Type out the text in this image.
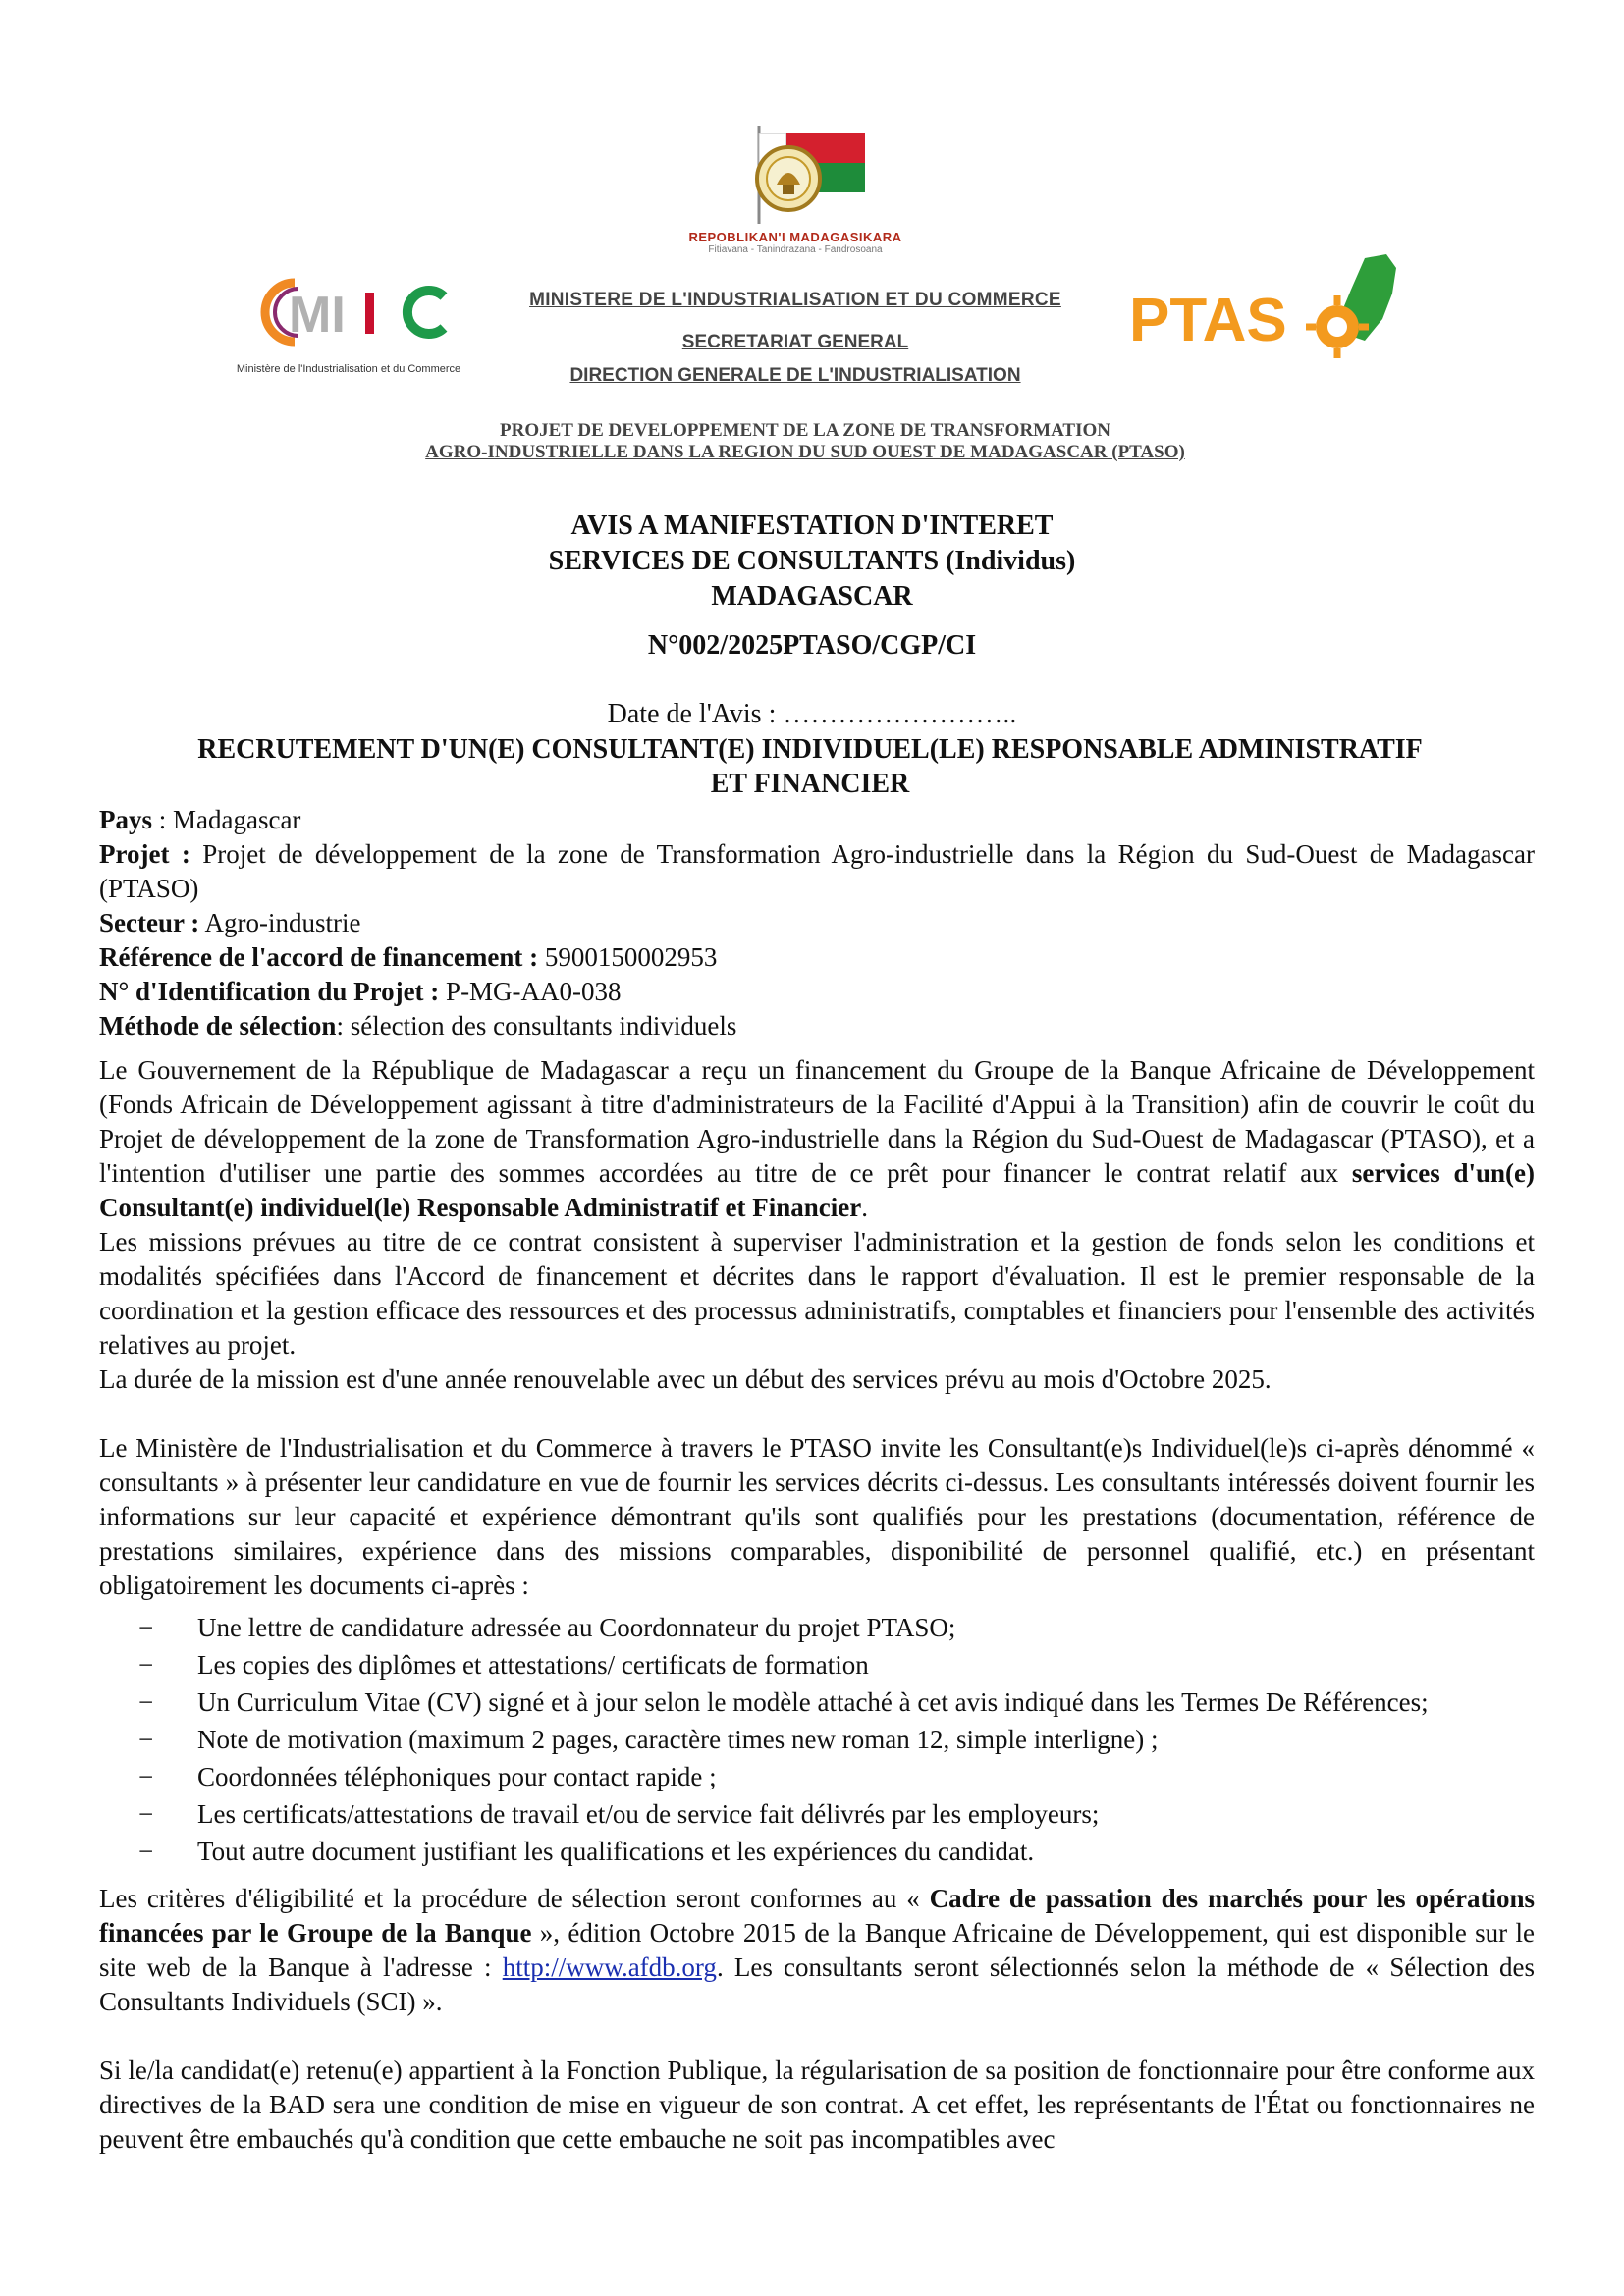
REPOBLIKAN'I MADAGASIKARA
Fitiavana - Tanindrazana - Fandrosoana
MI
Ministère de l'Industrialisation et du Commerce
PTAS
MINISTERE DE L'INDUSTRIALISATION ET DU COMMERCE
SECRETARIAT GENERAL
DIRECTION GENERALE DE L'INDUSTRIALISATION
PROJET DE DEVELOPPEMENT DE LA ZONE DE TRANSFORMATION
AGRO-INDUSTRIELLE DANS LA REGION DU SUD OUEST DE MADAGASCAR (PTASO)
AVIS A MANIFESTATION D'INTERET
SERVICES DE CONSULTANTS (Individus)
MADAGASCAR
N°002/2025PTASO/CGP/CI
Date de l'Avis : ……………………..
RECRUTEMENT D'UN(E) CONSULTANT(E) INDIVIDUEL(LE) RESPONSABLE ADMINISTRATIF
ET FINANCIER

Pays : Madagascar

Projet : Projet de développement de la zone de Transformation Agro-industrielle dans la Région du Sud-Ouest de Madagascar (PTASO)

Secteur : Agro-industrie

Référence de l'accord de financement : 5900150002953

N° d'Identification du Projet : P-MG-AA0-038

Méthode de sélection: sélection des consultants individuels

Le Gouvernement de la République de Madagascar a reçu un financement du Groupe de la Banque Africaine de Développement (Fonds Africain de Développement agissant à titre d'administrateurs de la Facilité d'Appui à la Transition) afin de couvrir le coût du Projet de développement de la zone de Transformation Agro-industrielle dans la Région du Sud-Ouest de Madagascar (PTASO), et a l'intention d'utiliser une partie des sommes accordées au titre de ce prêt pour financer le contrat relatif aux services d'un(e) Consultant(e) individuel(le) Responsable Administratif et Financier.

Les missions prévues au titre de ce contrat consistent à superviser l'administration et la gestion de fonds selon les conditions et modalités spécifiées dans l'Accord de financement et décrites dans le rapport d'évaluation. Il est le premier responsable de la coordination et la gestion efficace des ressources et des processus administratifs, comptables et financiers pour l'ensemble des activités relatives au projet.

La durée de la mission est d'une année renouvelable avec un début des services prévu au mois d'Octobre 2025.

Le Ministère de l'Industrialisation et du Commerce à travers le PTASO invite les Consultant(e)s Individuel(le)s ci-après dénommé « consultants » à présenter leur candidature en vue de fournir les services décrits ci-dessus. Les consultants intéressés doivent fournir les informations sur leur capacité et expérience démontrant qu'ils sont qualifiés pour les prestations (documentation, référence de prestations similaires, expérience dans des missions comparables, disponibilité de personnel qualifié, etc.) en présentant obligatoirement les documents ci-après :

− Une lettre de candidature adressée au Coordonnateur du projet PTASO;
− Les copies des diplômes et attestations/ certificats de formation
− Un Curriculum Vitae (CV) signé et à jour selon le modèle attaché à cet avis indiqué dans les Termes De Références;
− Note de motivation (maximum 2 pages, caractère times new roman 12, simple interligne) ;
− Coordonnées téléphoniques pour contact rapide ;
− Les certificats/attestations de travail et/ou de service fait délivrés par les employeurs;
− Tout autre document justifiant les qualifications et les expériences du candidat.

Les critères d'éligibilité et la procédure de sélection seront conformes au « Cadre de passation des marchés pour les opérations financées par le Groupe de la Banque », édition Octobre 2015 de la Banque Africaine de Développement, qui est disponible sur le site web de la Banque à l'adresse : http://www.afdb.org. Les consultants seront sélectionnés selon la méthode de « Sélection des Consultants Individuels (SCI) ».

Si le/la candidat(e) retenu(e) appartient à la Fonction Publique, la régularisation de sa position de fonctionnaire pour être conforme aux directives de la BAD sera une condition de mise en vigueur de son contrat. A cet effet, les représentants de l'État ou fonctionnaires ne peuvent être embauchés qu'à condition que cette embauche ne soit pas incompatibles avec
